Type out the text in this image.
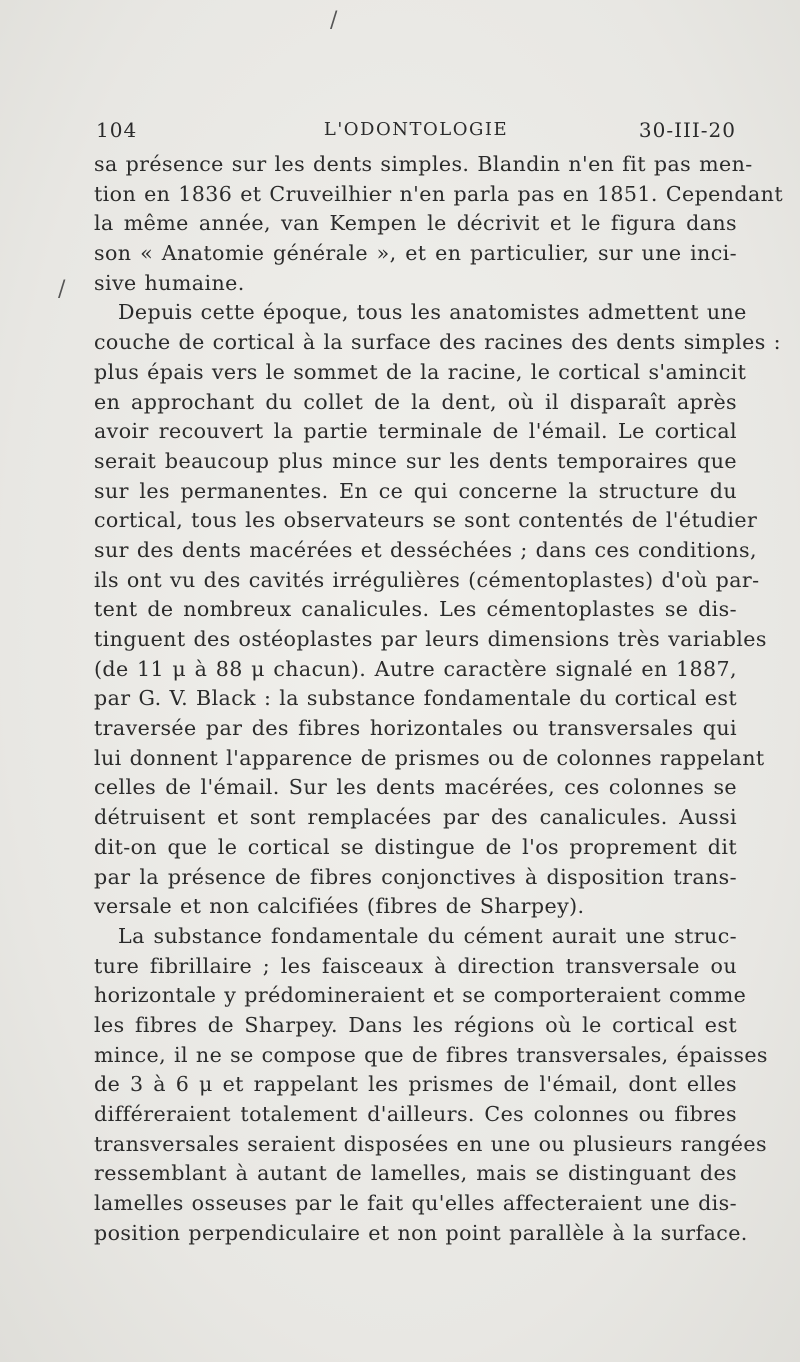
/
/
104	L'ODONTOLOGIE	30-III-20
sa présence sur les dents simples. Blandin n'en fit pas men-
tion en 1836 et Cruveilhier n'en parla pas en 1851. Cependant
la même année, van Kempen le décrivit et le figura dans
son « Anatomie générale », et en particulier, sur une inci-
sive humaine.
Depuis cette époque, tous les anatomistes admettent une
couche de cortical à la surface des racines des dents simples :
plus épais vers le sommet de la racine, le cortical s'amincit
en approchant du collet de la dent, où il disparaît après
avoir recouvert la partie terminale de l'émail. Le cortical
serait beaucoup plus mince sur les dents temporaires que
sur les permanentes. En ce qui concerne la structure du
cortical, tous les observateurs se sont contentés de l'étudier
sur des dents macérées et desséchées ; dans ces conditions,
ils ont vu des cavités irrégulières (cémentoplastes) d'où par-
tent de nombreux canalicules. Les cémentoplastes se dis-
tinguent des ostéoplastes par leurs dimensions très variables
(de 11 μ à 88 μ chacun). Autre caractère signalé en 1887,
par G. V. Black : la substance fondamentale du cortical est
traversée par des fibres horizontales ou transversales qui
lui donnent l'apparence de prismes ou de colonnes rappelant
celles de l'émail. Sur les dents macérées, ces colonnes se
détruisent et sont remplacées par des canalicules. Aussi
dit-on que le cortical se distingue de l'os proprement dit
par la présence de fibres conjonctives à disposition trans-
versale et non calcifiées (fibres de Sharpey).
La substance fondamentale du cément aurait une struc-
ture fibrillaire ; les faisceaux à direction transversale ou
horizontale y prédomineraient et se comporteraient comme
les fibres de Sharpey. Dans les régions où le cortical est
mince, il ne se compose que de fibres transversales, épaisses
de 3 à 6 μ et rappelant les prismes de l'émail, dont elles
différeraient totalement d'ailleurs. Ces colonnes ou fibres
transversales seraient disposées en une ou plusieurs rangées
ressemblant à autant de lamelles, mais se distinguant des
lamelles osseuses par le fait qu'elles affecteraient une dis-
position perpendiculaire et non point parallèle à la surface.
